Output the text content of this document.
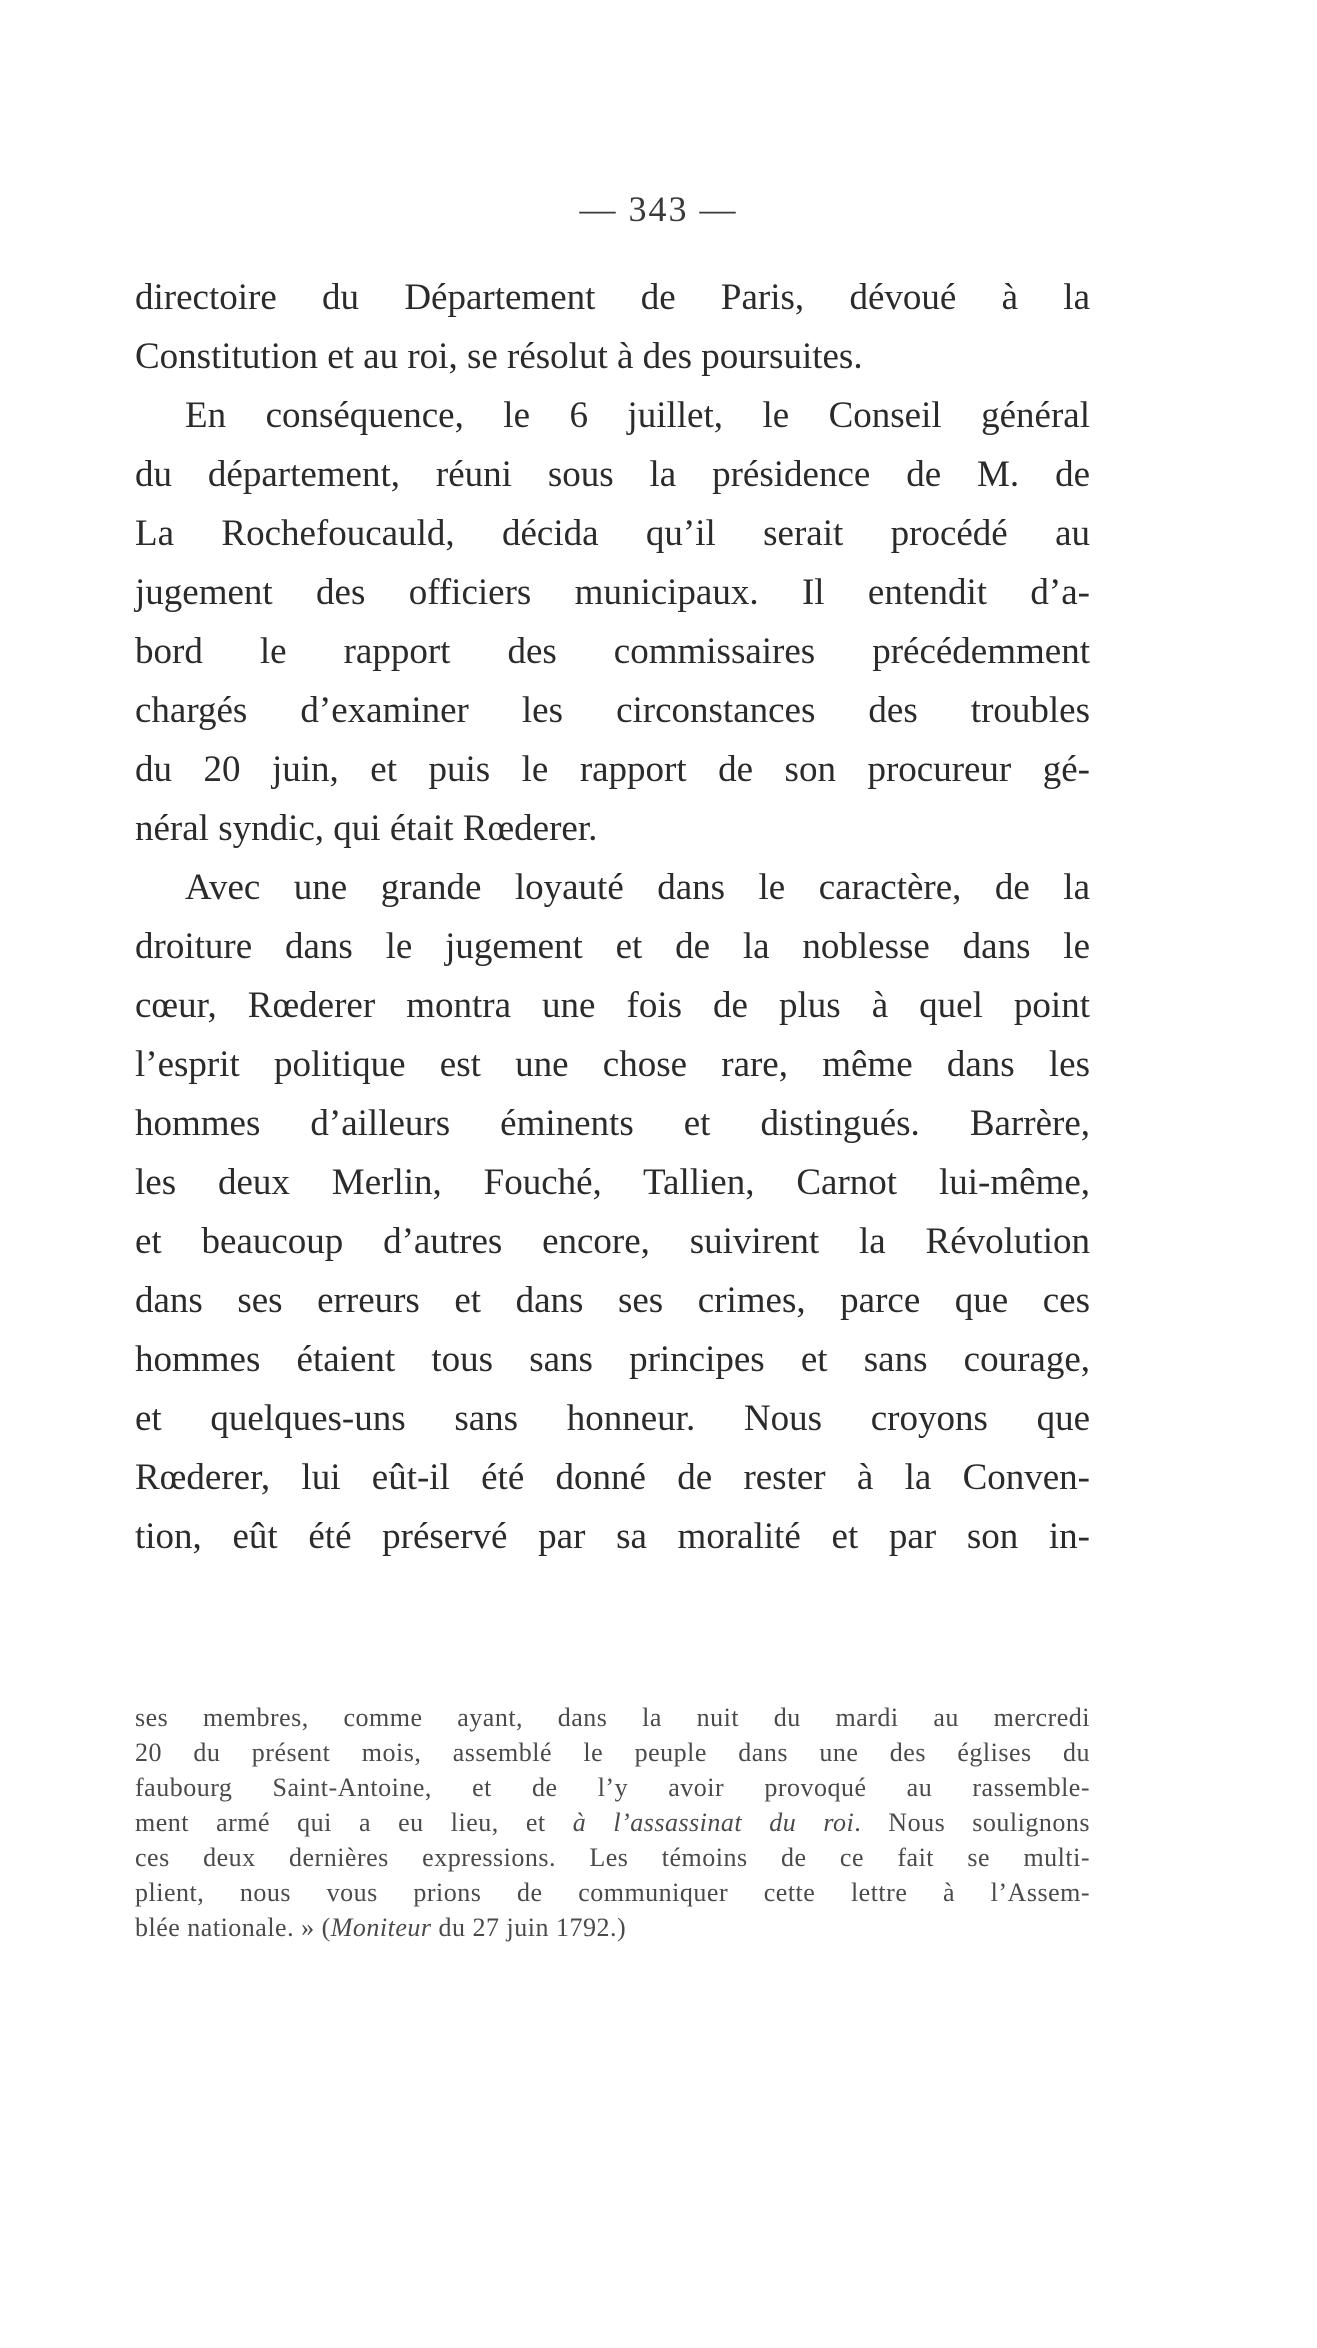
— 343 —

directoire du Département de Paris, dévoué à la
Constitution et au roi, se résolut à des poursuites.

En conséquence, le 6 juillet, le Conseil général
du département, réuni sous la présidence de M. de
La Rochefoucauld, décida qu’il serait procédé au
jugement des officiers municipaux. Il entendit d’a-
bord le rapport des commissaires précédemment
chargés d’examiner les circonstances des troubles
du 20 juin, et puis le rapport de son procureur gé-
néral syndic, qui était Rœderer.

Avec une grande loyauté dans le caractère, de la
droiture dans le jugement et de la noblesse dans le
cœur, Rœderer montra une fois de plus à quel point
l’esprit politique est une chose rare, même dans les
hommes d’ailleurs éminents et distingués. Barrère,
les deux Merlin, Fouché, Tallien, Carnot lui-même,
et beaucoup d’autres encore, suivirent la Révolution
dans ses erreurs et dans ses crimes, parce que ces
hommes étaient tous sans principes et sans courage,
et quelques-uns sans honneur. Nous croyons que
Rœderer, lui eût-il été donné de rester à la Conven-
tion, eût été préservé par sa moralité et par son in-

ses membres, comme ayant, dans la nuit du mardi au mercredi
20 du présent mois, assemblé le peuple dans une des églises du
faubourg Saint-Antoine, et de l’y avoir provoqué au rassemble-
ment armé qui a eu lieu, et à l’assassinat du roi. Nous soulignons
ces deux dernières expressions. Les témoins de ce fait se multi-
plient, nous vous prions de communiquer cette lettre à l’Assem-
blée nationale. » (Moniteur du 27 juin 1792.)
